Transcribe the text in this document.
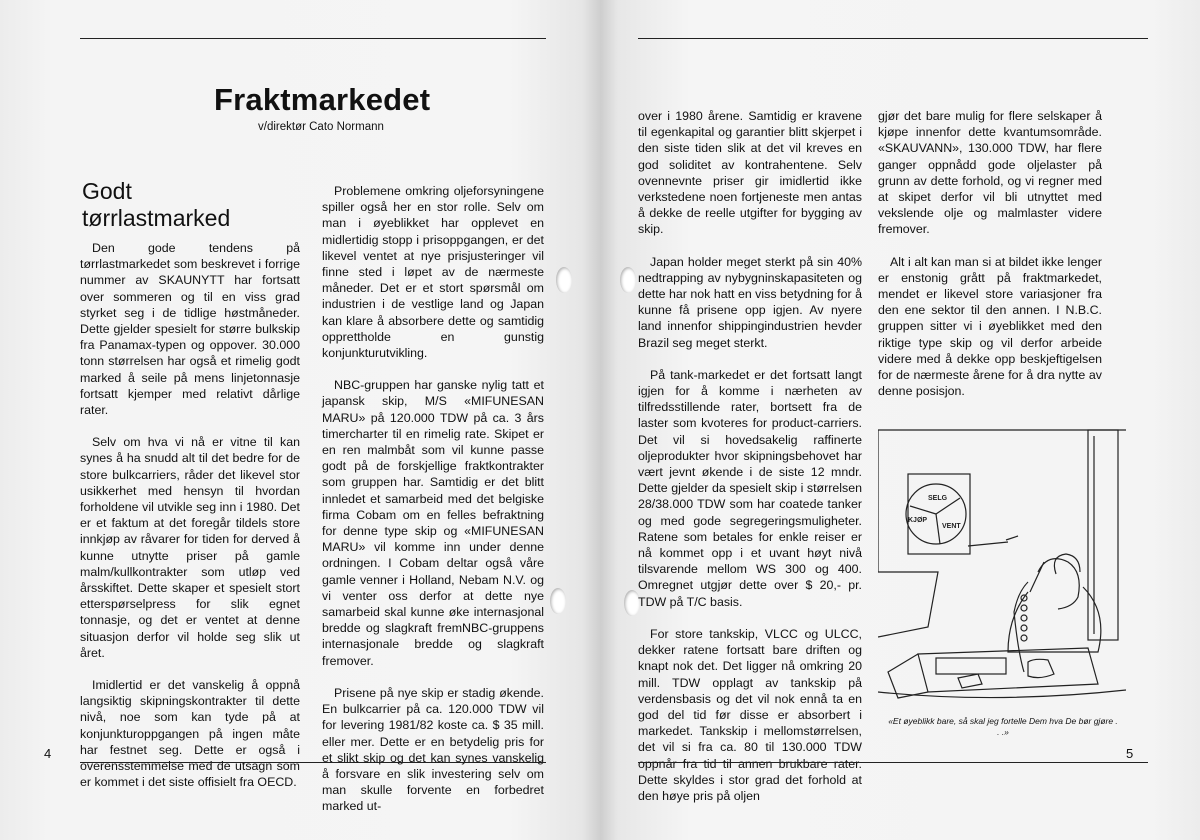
Fraktmarkedet
v/direktør Cato Normann
Godt tørrlastmarked

Den gode tendens på tørrlastmarkedet som beskrevet i forrige nummer av SKAUNYTT har fortsatt over sommeren og til en viss grad styrket seg i de tidlige høstmåneder. Dette gjelder spesielt for større bulkskip fra Panamax-typen og oppover. 30.000 tonn størrelsen har også et rimelig godt marked å seile på mens linjetonnasje fortsatt kjemper med relativt dårlige rater.

Selv om hva vi nå er vitne til kan synes å ha snudd alt til det bedre for de store bulkcarriers, råder det likevel stor usikkerhet med hensyn til hvordan forholdene vil utvikle seg inn i 1980. Det er et faktum at det foregår tildels store innkjøp av råvarer for tiden for derved å kunne utnytte priser på gamle malm/kullkontrakter som utløp ved årsskiftet. Dette skaper et spesielt stort etterspørselpress for slik egnet tonnasje, og det er ventet at denne situasjon derfor vil holde seg slik ut året.

Imidlertid er det vanskelig å oppnå langsiktig skipningskontrakter til dette nivå, noe som kan tyde på at konjunkturoppgangen på ingen måte har festnet seg. Dette er også i overensstemmelse med de utsagn som er kommet i det siste offisielt fra OECD.

Problemene omkring oljeforsyningene spiller også her en stor rolle. Selv om man i øyeblikket har opplevet en midlertidig stopp i prisoppgangen, er det likevel ventet at nye prisjusteringer vil finne sted i løpet av de nærmeste måneder. Det er et stort spørsmål om industrien i de vestlige land og Japan kan klare å absorbere dette og samtidig opprettholde en gunstig konjunkturutvikling.

NBC-gruppen har ganske nylig tatt et japansk skip, M/S «MIFUNESAN MARU» på 120.000 TDW på ca. 3 års timercharter til en rimelig rate. Skipet er en ren malmbåt som vil kunne passe godt på de forskjellige fraktkontrakter som gruppen har. Samtidig er det blitt innledet et samarbeid med det belgiske firma Cobam om en felles befraktning for denne type skip og «MIFUNESAN MARU» vil komme inn under denne ordningen. I Cobam deltar også våre gamle venner i Holland, Nebam N.V. og vi venter oss derfor at dette nye samarbeid skal kunne øke internasjonal bredde og slagkraft fremNBC-gruppens internasjonale bredde og slagkraft fremover.

Prisene på nye skip er stadig økende. En bulkcarrier på ca. 120.000 TDW vil for levering 1981/82 koste ca. $ 35 mill. eller mer. Dette er en betydelig pris for et slikt skip og det kan synes vanskelig å forsvare en slik investering selv om man skulle forvente en forbedret marked ut-

4

over i 1980 årene. Samtidig er kravene til egenkapital og garantier blitt skjerpet i den siste tiden slik at det vil kreves en god soliditet av kontrahentene. Selv ovennevnte priser gir imidlertid ikke verkstedene noen fortjeneste men antas å dekke de reelle utgifter for bygging av skip.

Japan holder meget sterkt på sin 40% nedtrapping av nybygninskapasiteten og dette har nok hatt en viss betydning for å kunne få prisene opp igjen. Av nyere land innenfor shippingindustrien hevder Brazil seg meget sterkt.

På tank-markedet er det fortsatt langt igjen for å komme i nærheten av tilfredsstillende rater, bortsett fra de laster som kvoteres for product-carriers. Det vil si hovedsakelig raffinerte oljeprodukter hvor skipningsbehovet har vært jevnt økende i de siste 12 mndr. Dette gjelder da spesielt skip i størrelsen 28/38.000 TDW som har coatede tanker og med gode segregeringsmuligheter. Ratene som betales for enkle reiser er nå kommet opp i et uvant høyt nivå tilsvarende mellom WS 300 og 400. Omregnet utgjør dette over $ 20,- pr. TDW på T/C basis.

For store tankskip, VLCC og ULCC, dekker ratene fortsatt bare driften og knapt nok det. Det ligger nå omkring 20 mill. TDW opplagt av tankskip på verdensbasis og det vil nok ennå ta en god del tid før disse er absorbert i markedet. Tankskip i mellomstørrelsen, det vil si fra ca. 80 til 130.000 TDW oppnår fra tid til annen brukbare rater. Dette skyldes i stor grad det forhold at den høye pris på oljen

gjør det bare mulig for flere selskaper å kjøpe innenfor dette kvantumsområde. «SKAUVANN», 130.000 TDW, har flere ganger oppnådd gode oljelaster på grunn av dette forhold, og vi regner med at skipet derfor vil bli utnyttet med vekslende olje og malmlaster videre fremover.

Alt i alt kan man si at bildet ikke lenger er enstonig grått på fraktmarkedet, mendet er likevel store variasjoner fra den ene sektor til den annen. I N.B.C. gruppen sitter vi i øyeblikket med den riktige type skip og vil derfor arbeide videre med å dekke opp beskjeftigelsen for de nærmeste årene for å dra nytte av denne posisjon.

SELG
KJØP
VENT
«Et øyeblikk bare, så skal jeg fortelle Dem hva De bør gjøre . . .»
5
